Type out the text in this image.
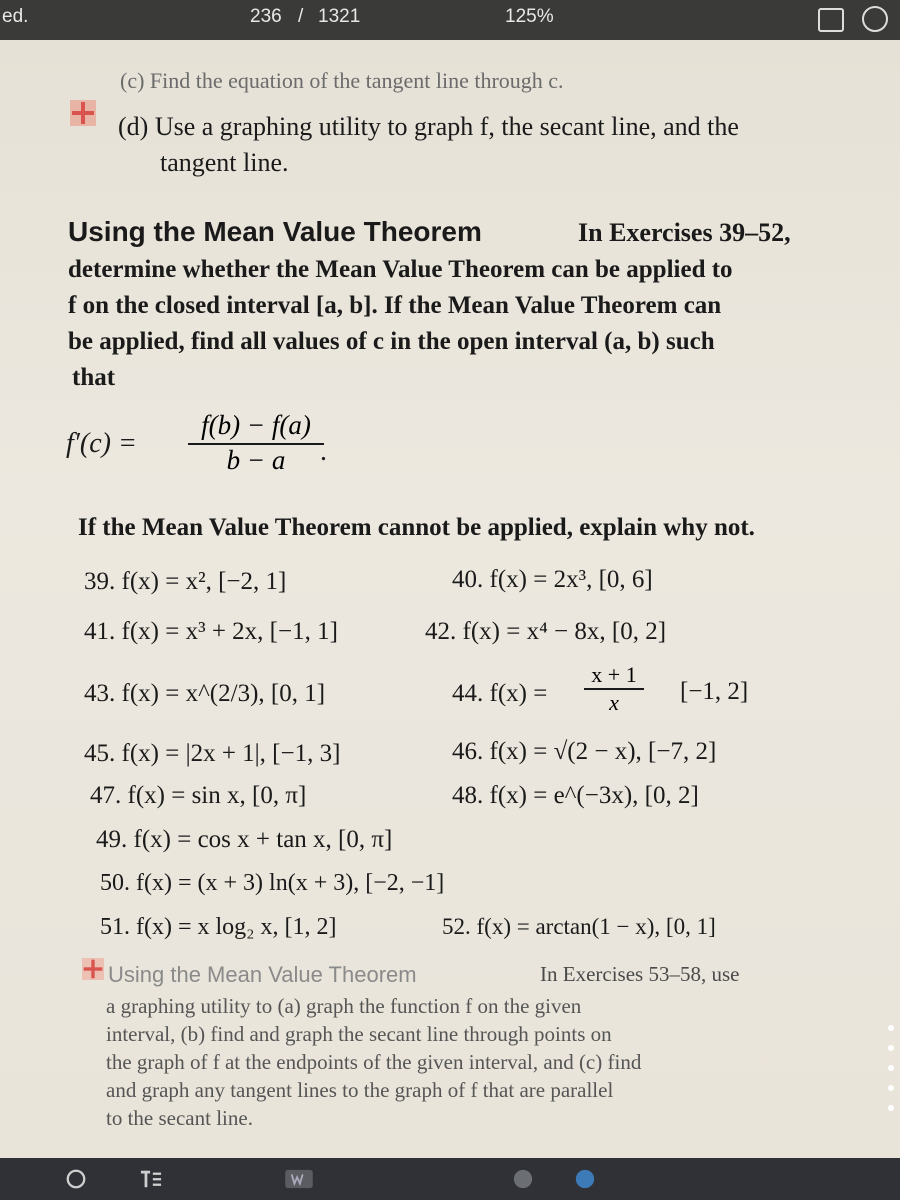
ed.	236 / 1321	125%
(c) Find the equation of the tangent line through c.
(d) Use a graphing utility to graph f, the secant line, and the
tangent line.
Using the Mean Value Theorem	In Exercises 39–52,
determine whether the Mean Value Theorem can be applied to
f on the closed interval [a, b]. If the Mean Value Theorem can
be applied, find all values of c in the open interval (a, b) such
that
$f'(c) = \frac{f(b) - f(a)}{b - a}$
.
If the Mean Value Theorem cannot be applied, explain why not.
39. f(x) = x², [−2, 1]	40. f(x) = 2x³, [0, 6]
41. f(x) = x³ + 2x, [−1, 1]	42. f(x) = x⁴ − 8x, [0, 2]
43. f(x) = x^(2/3), [0, 1]	44. $f(x) = \frac{x + 1}{x} [-1$, 2]
45. f(x) = |2x + 1|, [−1, 3]	46. f(x) = √(2 − x), [−7, 2]
47. f(x) = sin x, [0, π]	48. f(x) = e^(−3x), [0, 2]
49. f(x) = cos x + tan x, [0, π]
50. f(x) = (x + 3) ln(x + 3), [−2, −1]
51. f(x) = x log₂ x, [1, 2]	52. f(x) = arctan(1 − x), [0, 1]
Using the Mean Value Theorem	In Exercises 53–58, use
a graphing utility to (a) graph the function f on the given
interval, (b) find and graph the secant line through points on
the graph of f at the endpoints of the given interval, and (c) find
and graph any tangent lines to the graph of f that are parallel
to the secant line.
